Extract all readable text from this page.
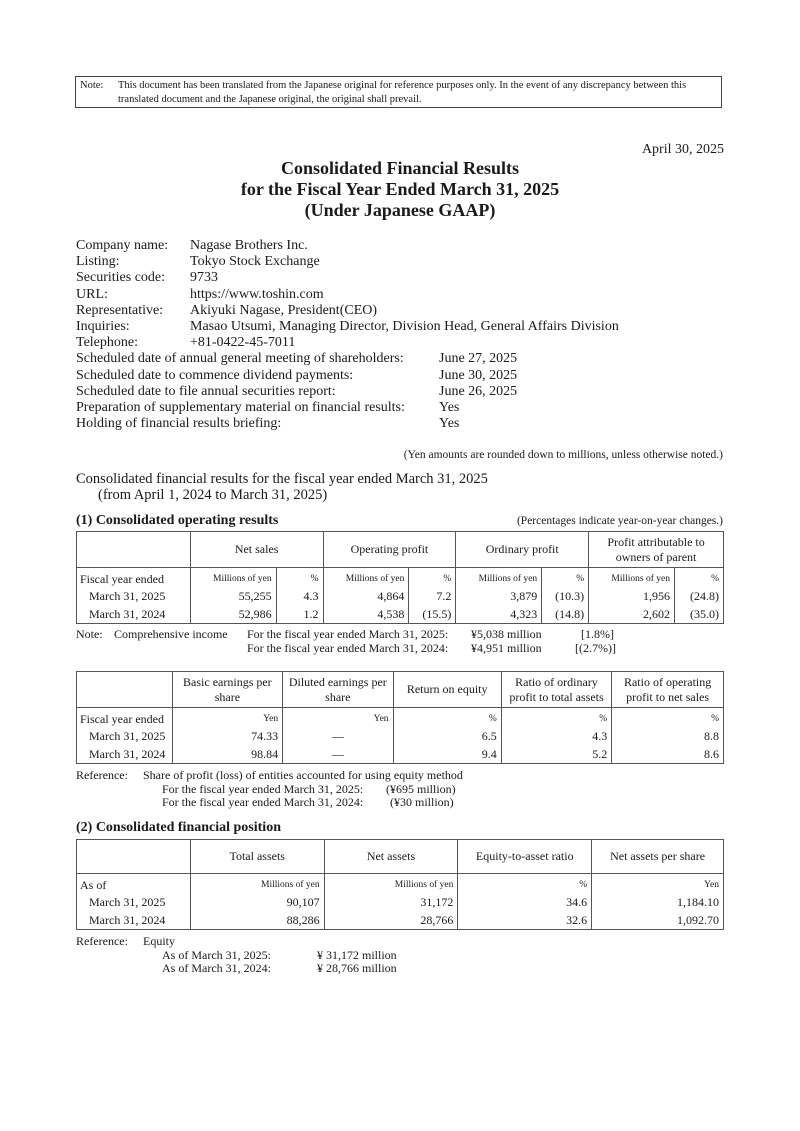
Note:	This document has been translated from the Japanese original for reference purposes only. In the event of any discrepancy between this translated document and the Japanese original, the original shall prevail.
April 30, 2025
Consolidated Financial Results
for the Fiscal Year Ended March 31, 2025
(Under Japanese GAAP)
Company name:	Nagase Brothers Inc.
Listing:	Tokyo Stock Exchange
Securities code:	9733
URL:	https://www.toshin.com
Representative:	Akiyuki Nagase, President(CEO)
Inquiries:	Masao Utsumi, Managing Director, Division Head, General Affairs Division
Telephone:	+81-0422-45-7011
Scheduled date of annual general meeting of shareholders:	June 27, 2025
Scheduled date to commence dividend payments:	June 30, 2025
Scheduled date to file annual securities report:	June 26, 2025
Preparation of supplementary material on financial results:	Yes
Holding of financial results briefing:	Yes
(Yen amounts are rounded down to millions, unless otherwise noted.)
Consolidated financial results for the fiscal year ended March 31, 2025
(from April 1, 2024 to March 31, 2025)
(1) Consolidated operating results	(Percentages indicate year-on-year changes.)
	Net sales		Operating profit		Ordinary profit		Profit attributable to owners of parent	
Fiscal year ended	Millions of yen	%	Millions of yen	%	Millions of yen	%	Millions of yen	%
March 31, 2025	55,255	4.3	4,864	7.2	3,879	(10.3)	1,956	(24.8)
March 31, 2024	52,986	1.2	4,538	(15.5)	4,323	(14.8)	2,602	(35.0)
Note: Comprehensive income	For the fiscal year ended March 31, 2025:	¥5,038 million	[1.8%]
For the fiscal year ended March 31, 2024:	¥4,951 million	[(2.7%)]
	Basic earnings per share	Diluted earnings per share	Return on equity	Ratio of ordinary profit to total assets	Ratio of operating profit to net sales
Fiscal year ended	Yen	Yen	%	%	%
March 31, 2025	74.33	—	6.5	4.3	8.8
March 31, 2024	98.84	—	9.4	5.2	8.6
Reference:	Share of profit (loss) of entities accounted for using equity method
For the fiscal year ended March 31, 2025:	(¥695 million)
For the fiscal year ended March 31, 2024:	(¥30 million)
(2) Consolidated financial position
	Total assets	Net assets	Equity-to-asset ratio	Net assets per share
As of	Millions of yen	Millions of yen	%	Yen
March 31, 2025	90,107	31,172	34.6	1,184.10
March 31, 2024	88,286	28,766	32.6	1,092.70
Reference:	Equity
As of March 31, 2025:	¥ 31,172 million
As of March 31, 2024:	¥ 28,766 million
